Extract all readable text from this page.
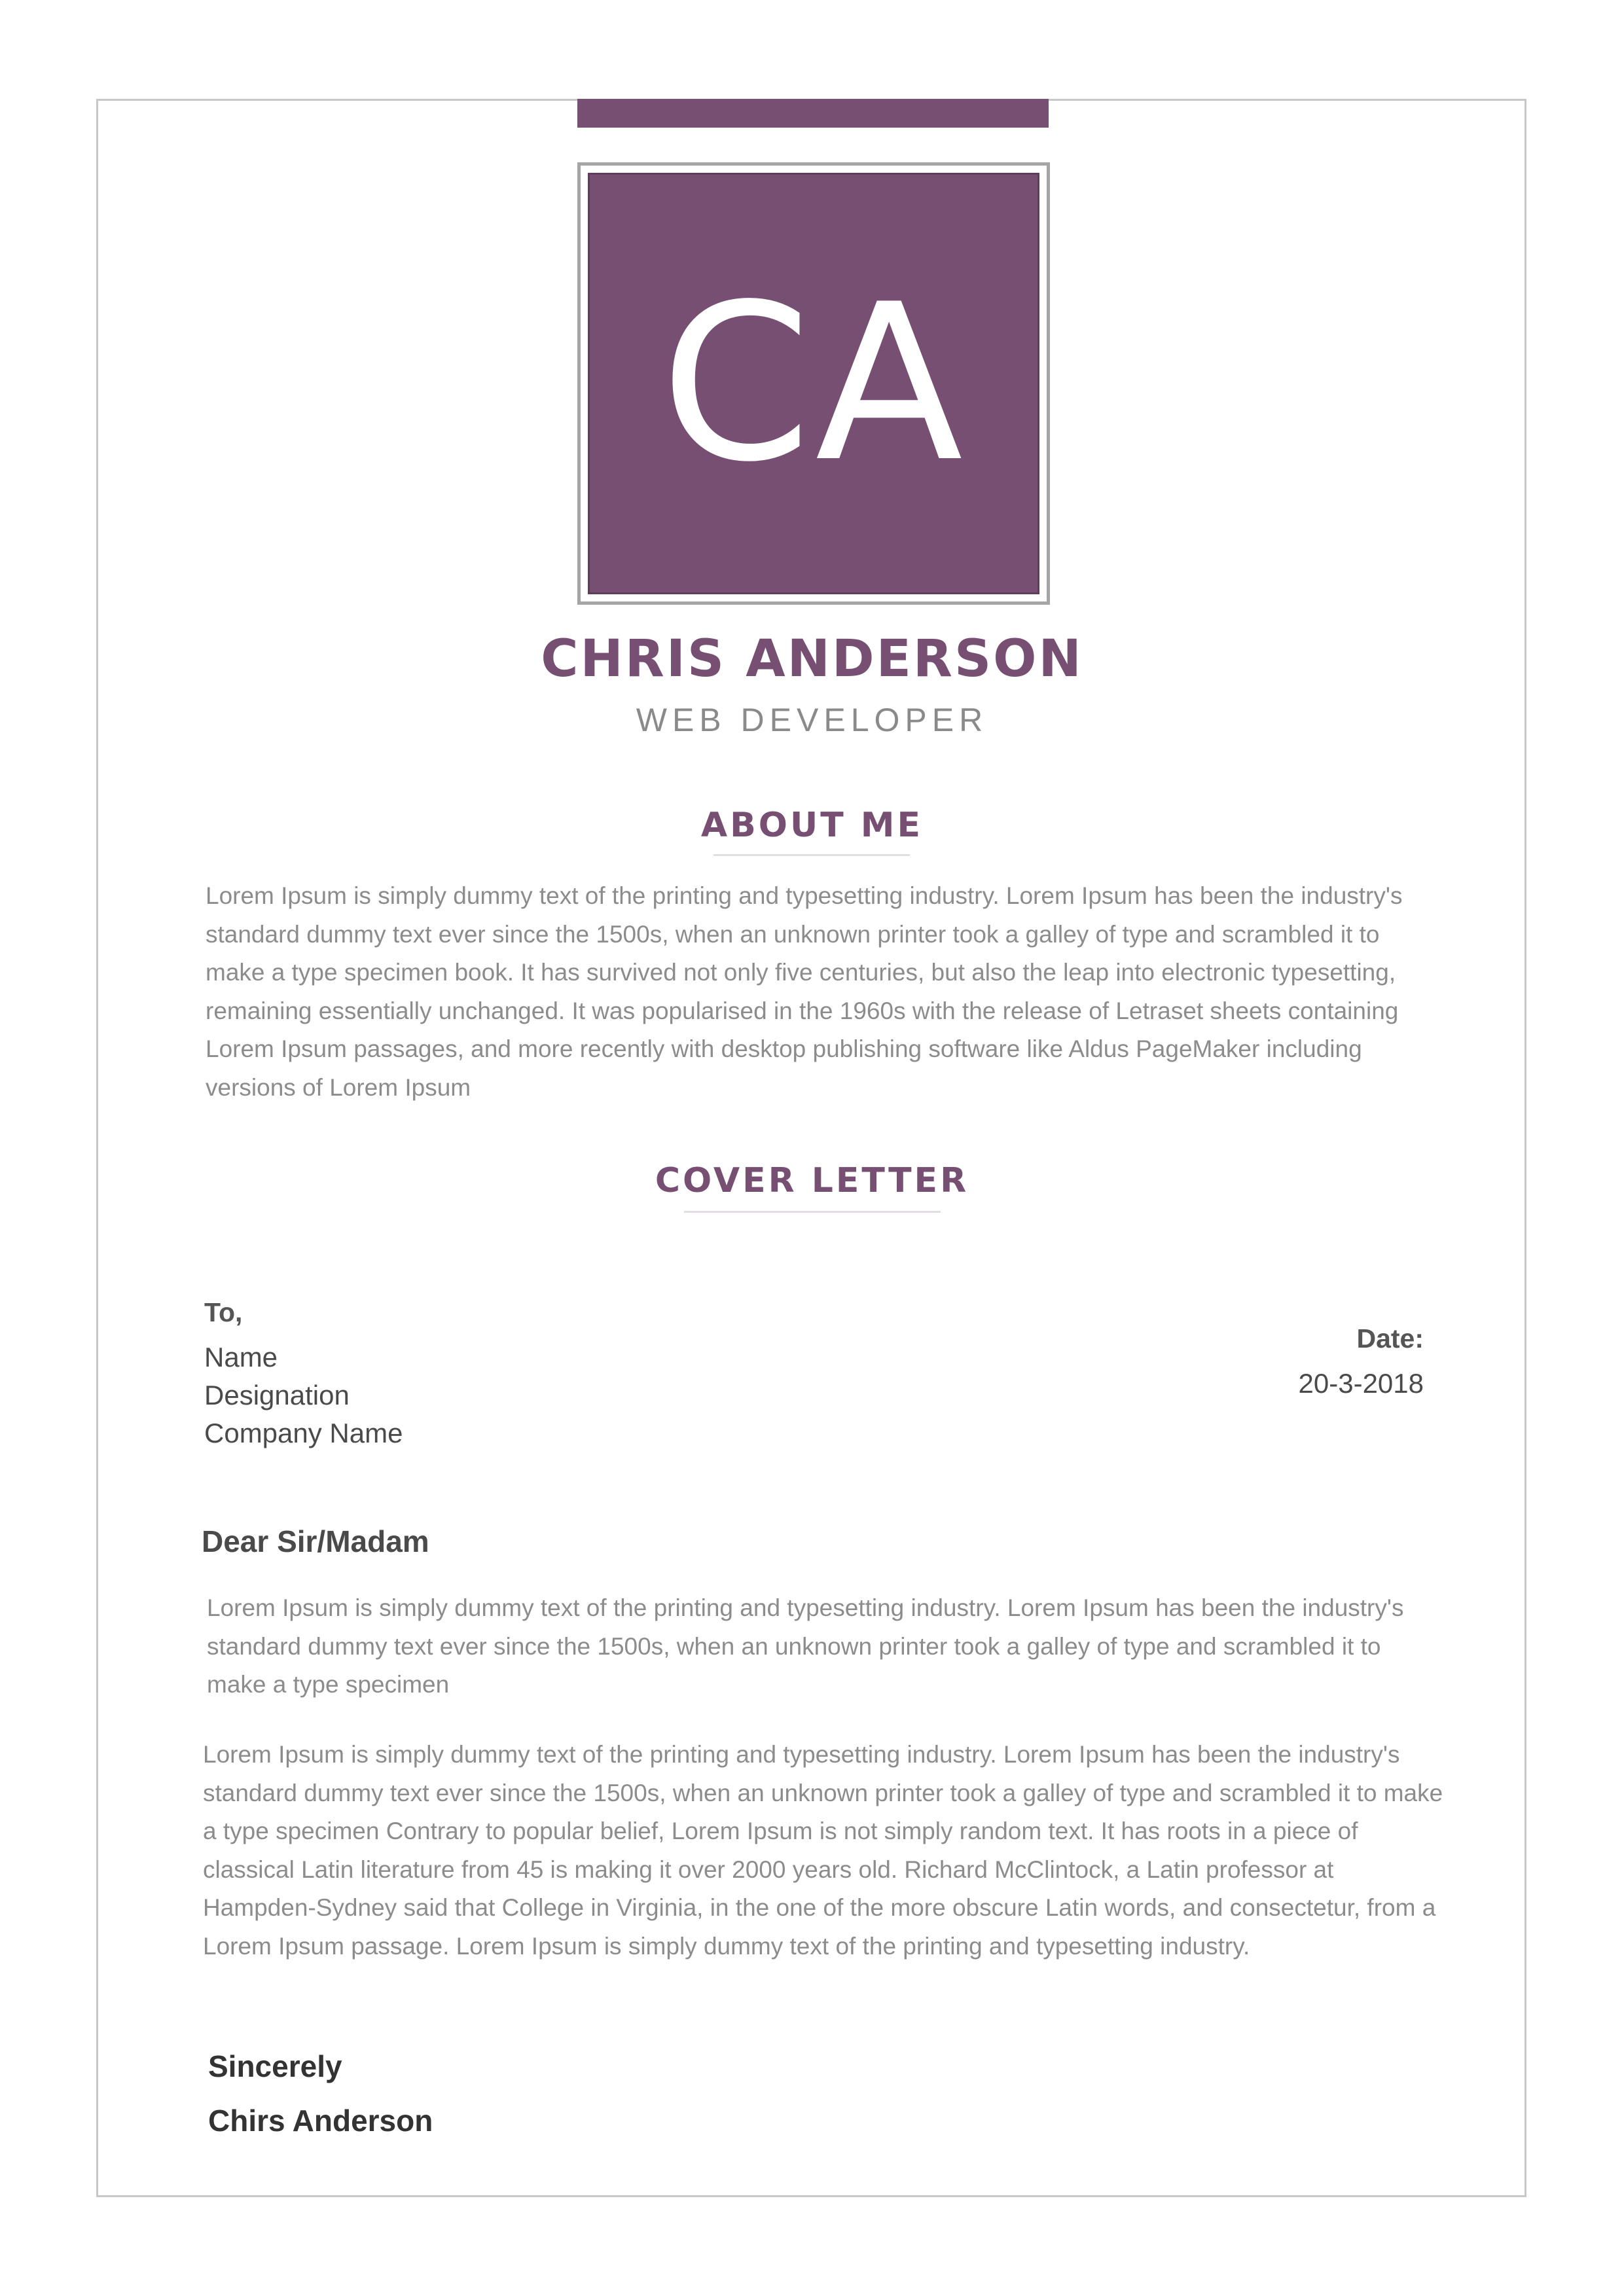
CA
CHRIS ANDERSON
WEB DEVELOPER
ABOUT ME

Lorem Ipsum is simply dummy text of the printing and typesetting industry. Lorem Ipsum has been the industry's standard dummy text ever since the 1500s, when an unknown printer took a galley of type and scrambled it to make a type specimen book. It has survived not only five centuries, but also the leap into electronic typesetting, remaining essentially unchanged. It was popularised in the 1960s with the release of Letraset sheets containing Lorem Ipsum passages, and more recently with desktop publishing software like Aldus PageMaker including versions of Lorem Ipsum

COVER LETTER
To,
Name
Designation
Company Name
Date:
20-3-2018
Dear Sir/Madam

Lorem Ipsum is simply dummy text of the printing and typesetting industry. Lorem Ipsum has been the industry's standard dummy text ever since the 1500s, when an unknown printer took a galley of type and scrambled it to make a type specimen

Lorem Ipsum is simply dummy text of the printing and typesetting industry. Lorem Ipsum has been the industry's standard dummy text ever since the 1500s, when an unknown printer took a galley of type and scrambled it to make a type specimen Contrary to popular belief, Lorem Ipsum is not simply random text. It has roots in a piece of classical Latin literature from 45 is making it over 2000 years old. Richard McClintock, a Latin professor at Hampden-Sydney said that College in Virginia, in the one of the more obscure Latin words, and consectetur, from a Lorem Ipsum passage. Lorem Ipsum is simply dummy text of the printing and typesetting industry.

Sincerely
Chirs Anderson
